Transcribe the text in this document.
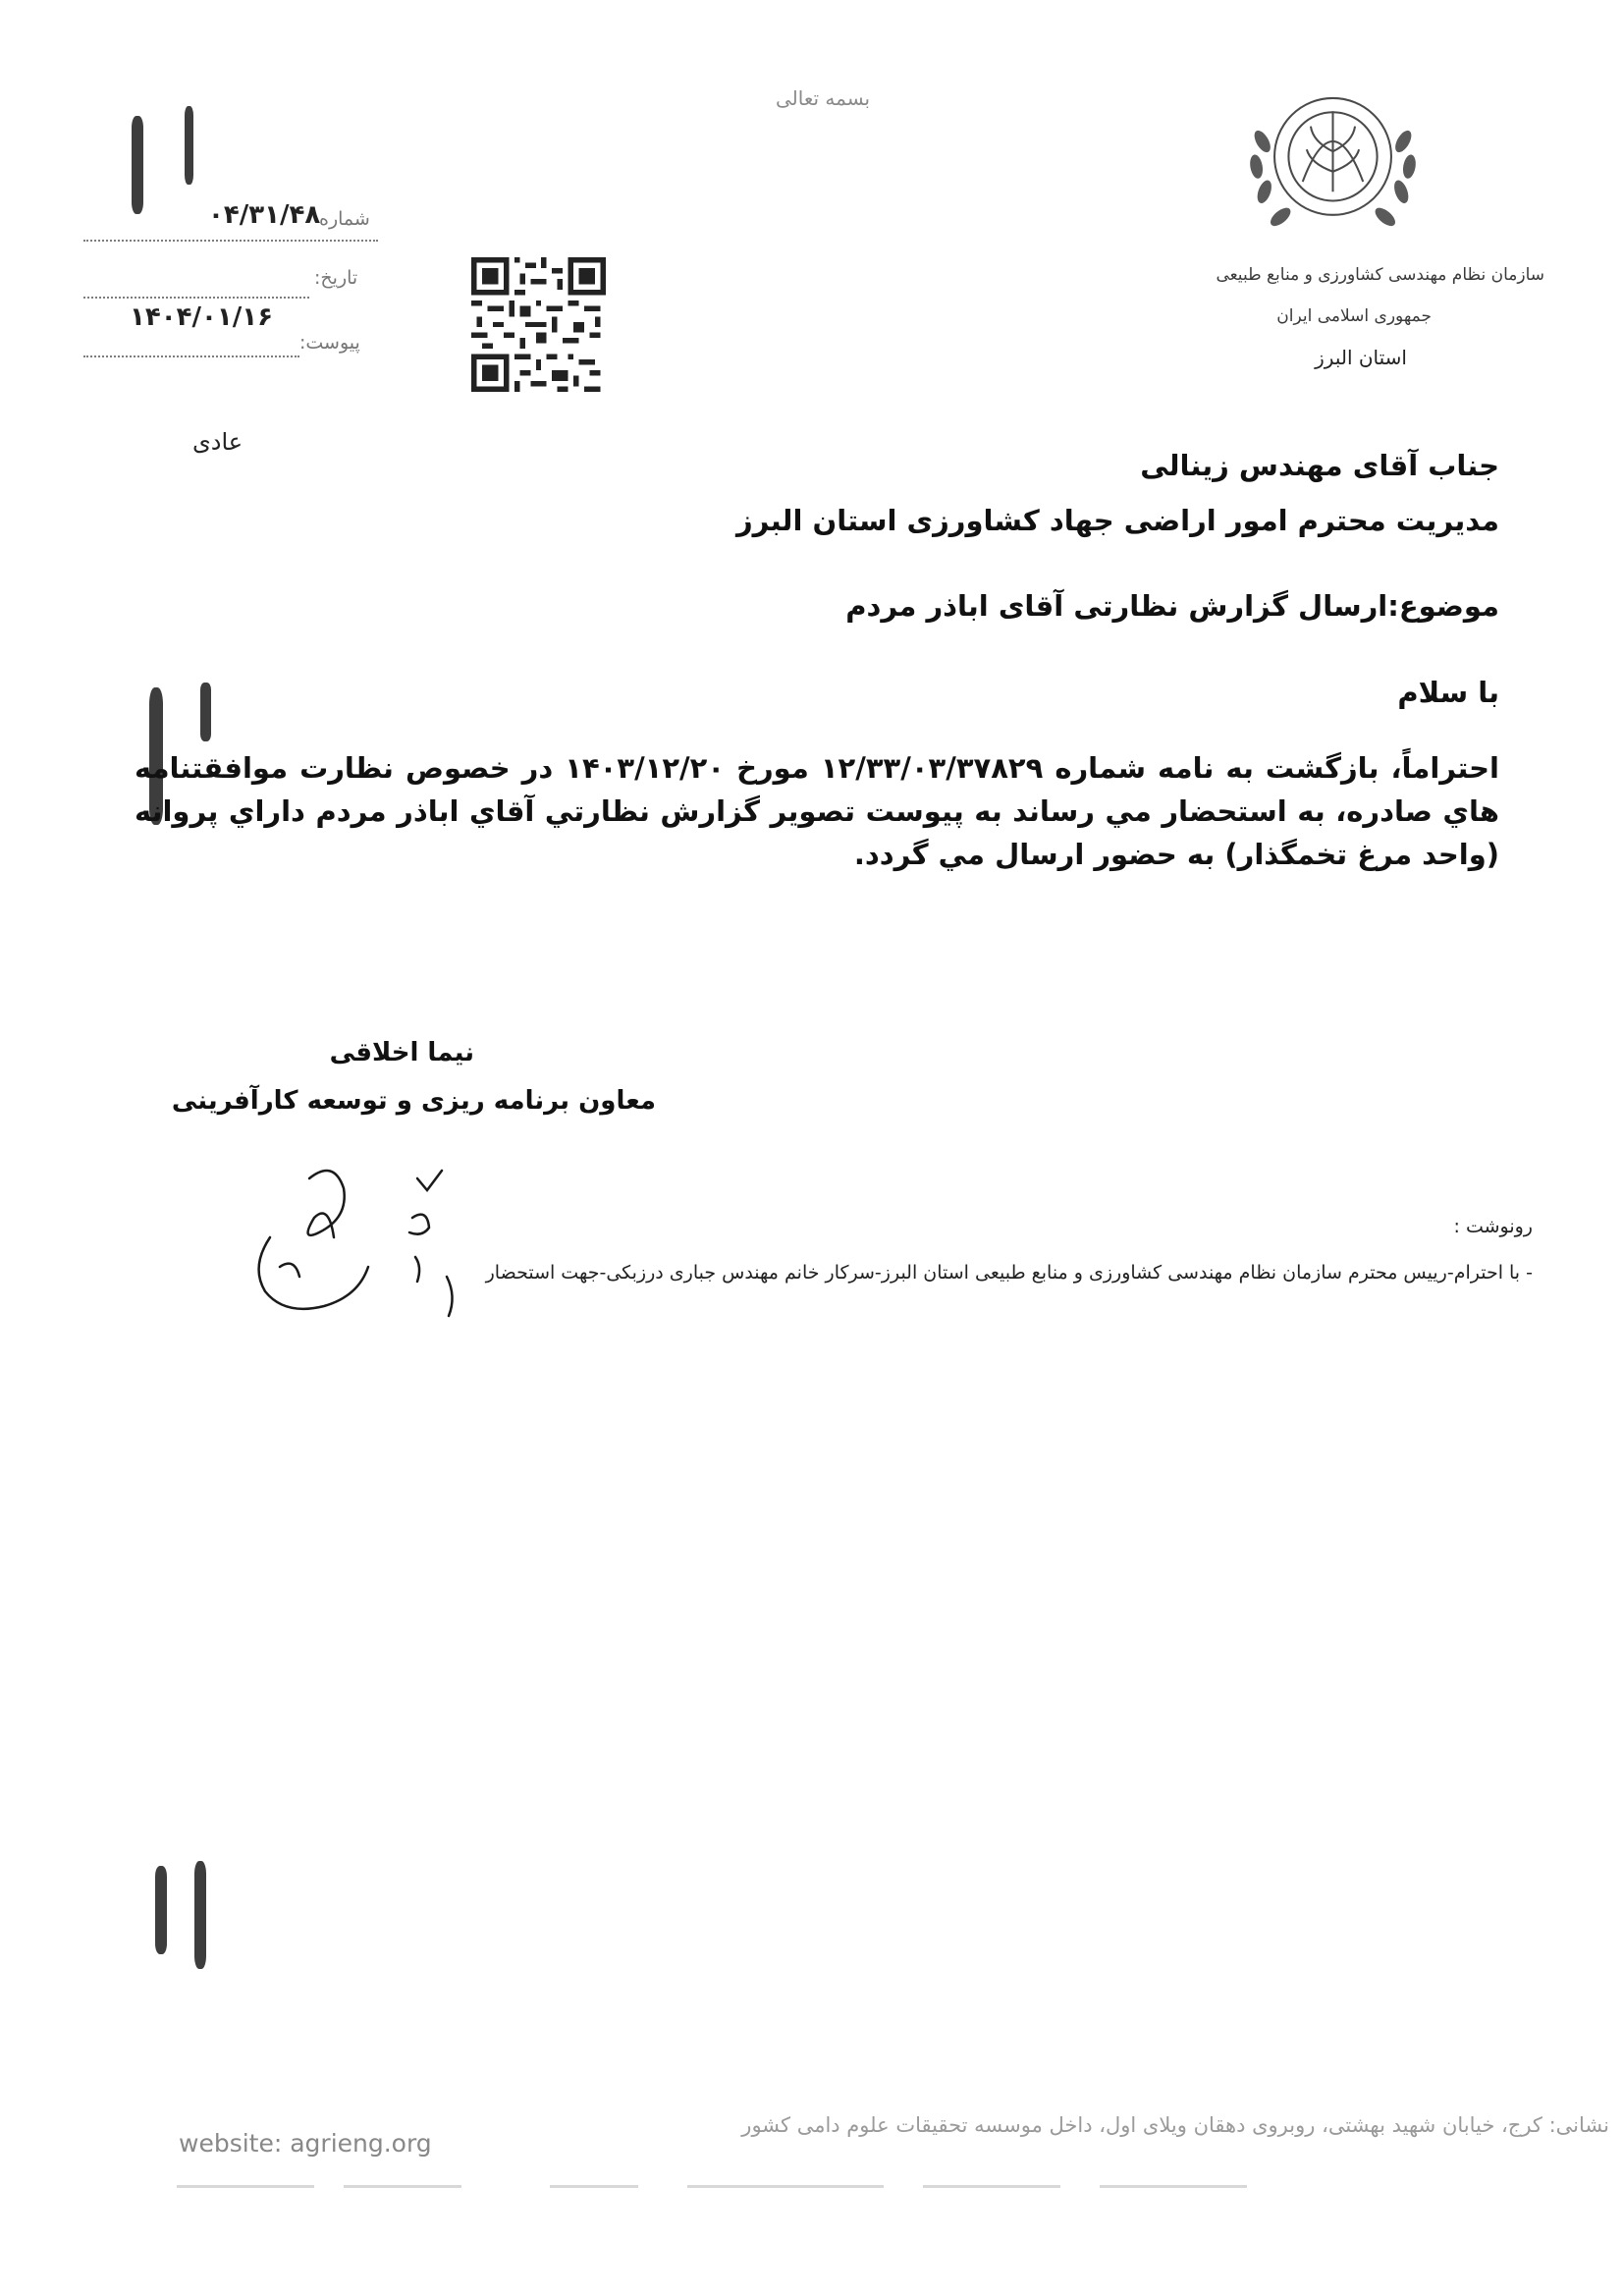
بسمه تعالی
سازمان نظام مهندسی کشاورزی و منابع طبیعی
جمهوری اسلامی ایران
استان البرز
شماره
۰۴/۳۱/۴۸
تاریخ:
۱۴۰۴/۰۱/۱۶
پیوست:
عادی
جناب آقای مهندس زینالی
مدیریت محترم امور اراضی جهاد کشاورزی استان البرز
موضوع:ارسال گزارش نظارتی آقای اباذر مردم
با سلام
احتراماً، بازگشت به نامه شماره ۱۲/۳۳/۰۳/۳۷۸۲۹ مورخ ۱۴۰۳/۱۲/۲۰ در خصوص نظارت موافقتنامه هاي صادره، به استحضار مي رساند به پيوست تصوير گزارش نظارتي آقاي اباذر مردم داراي پروانه (واحد مرغ تخمگذار) به حضور ارسال مي گردد.
نیما اخلاقی
معاون برنامه ریزی و توسعه کارآفرینی
رونوشت :
- با احترام-رییس محترم سازمان نظام مهندسی کشاورزی و منابع طبیعی استان البرز-سرکار خانم مهندس جباری درزبکی-جهت استحضار
نشانی: کرج، خیابان شهید بهشتی، روبروی دهقان ویلای اول، داخل موسسه تحقیقات علوم دامی کشور
website: agrieng.org
